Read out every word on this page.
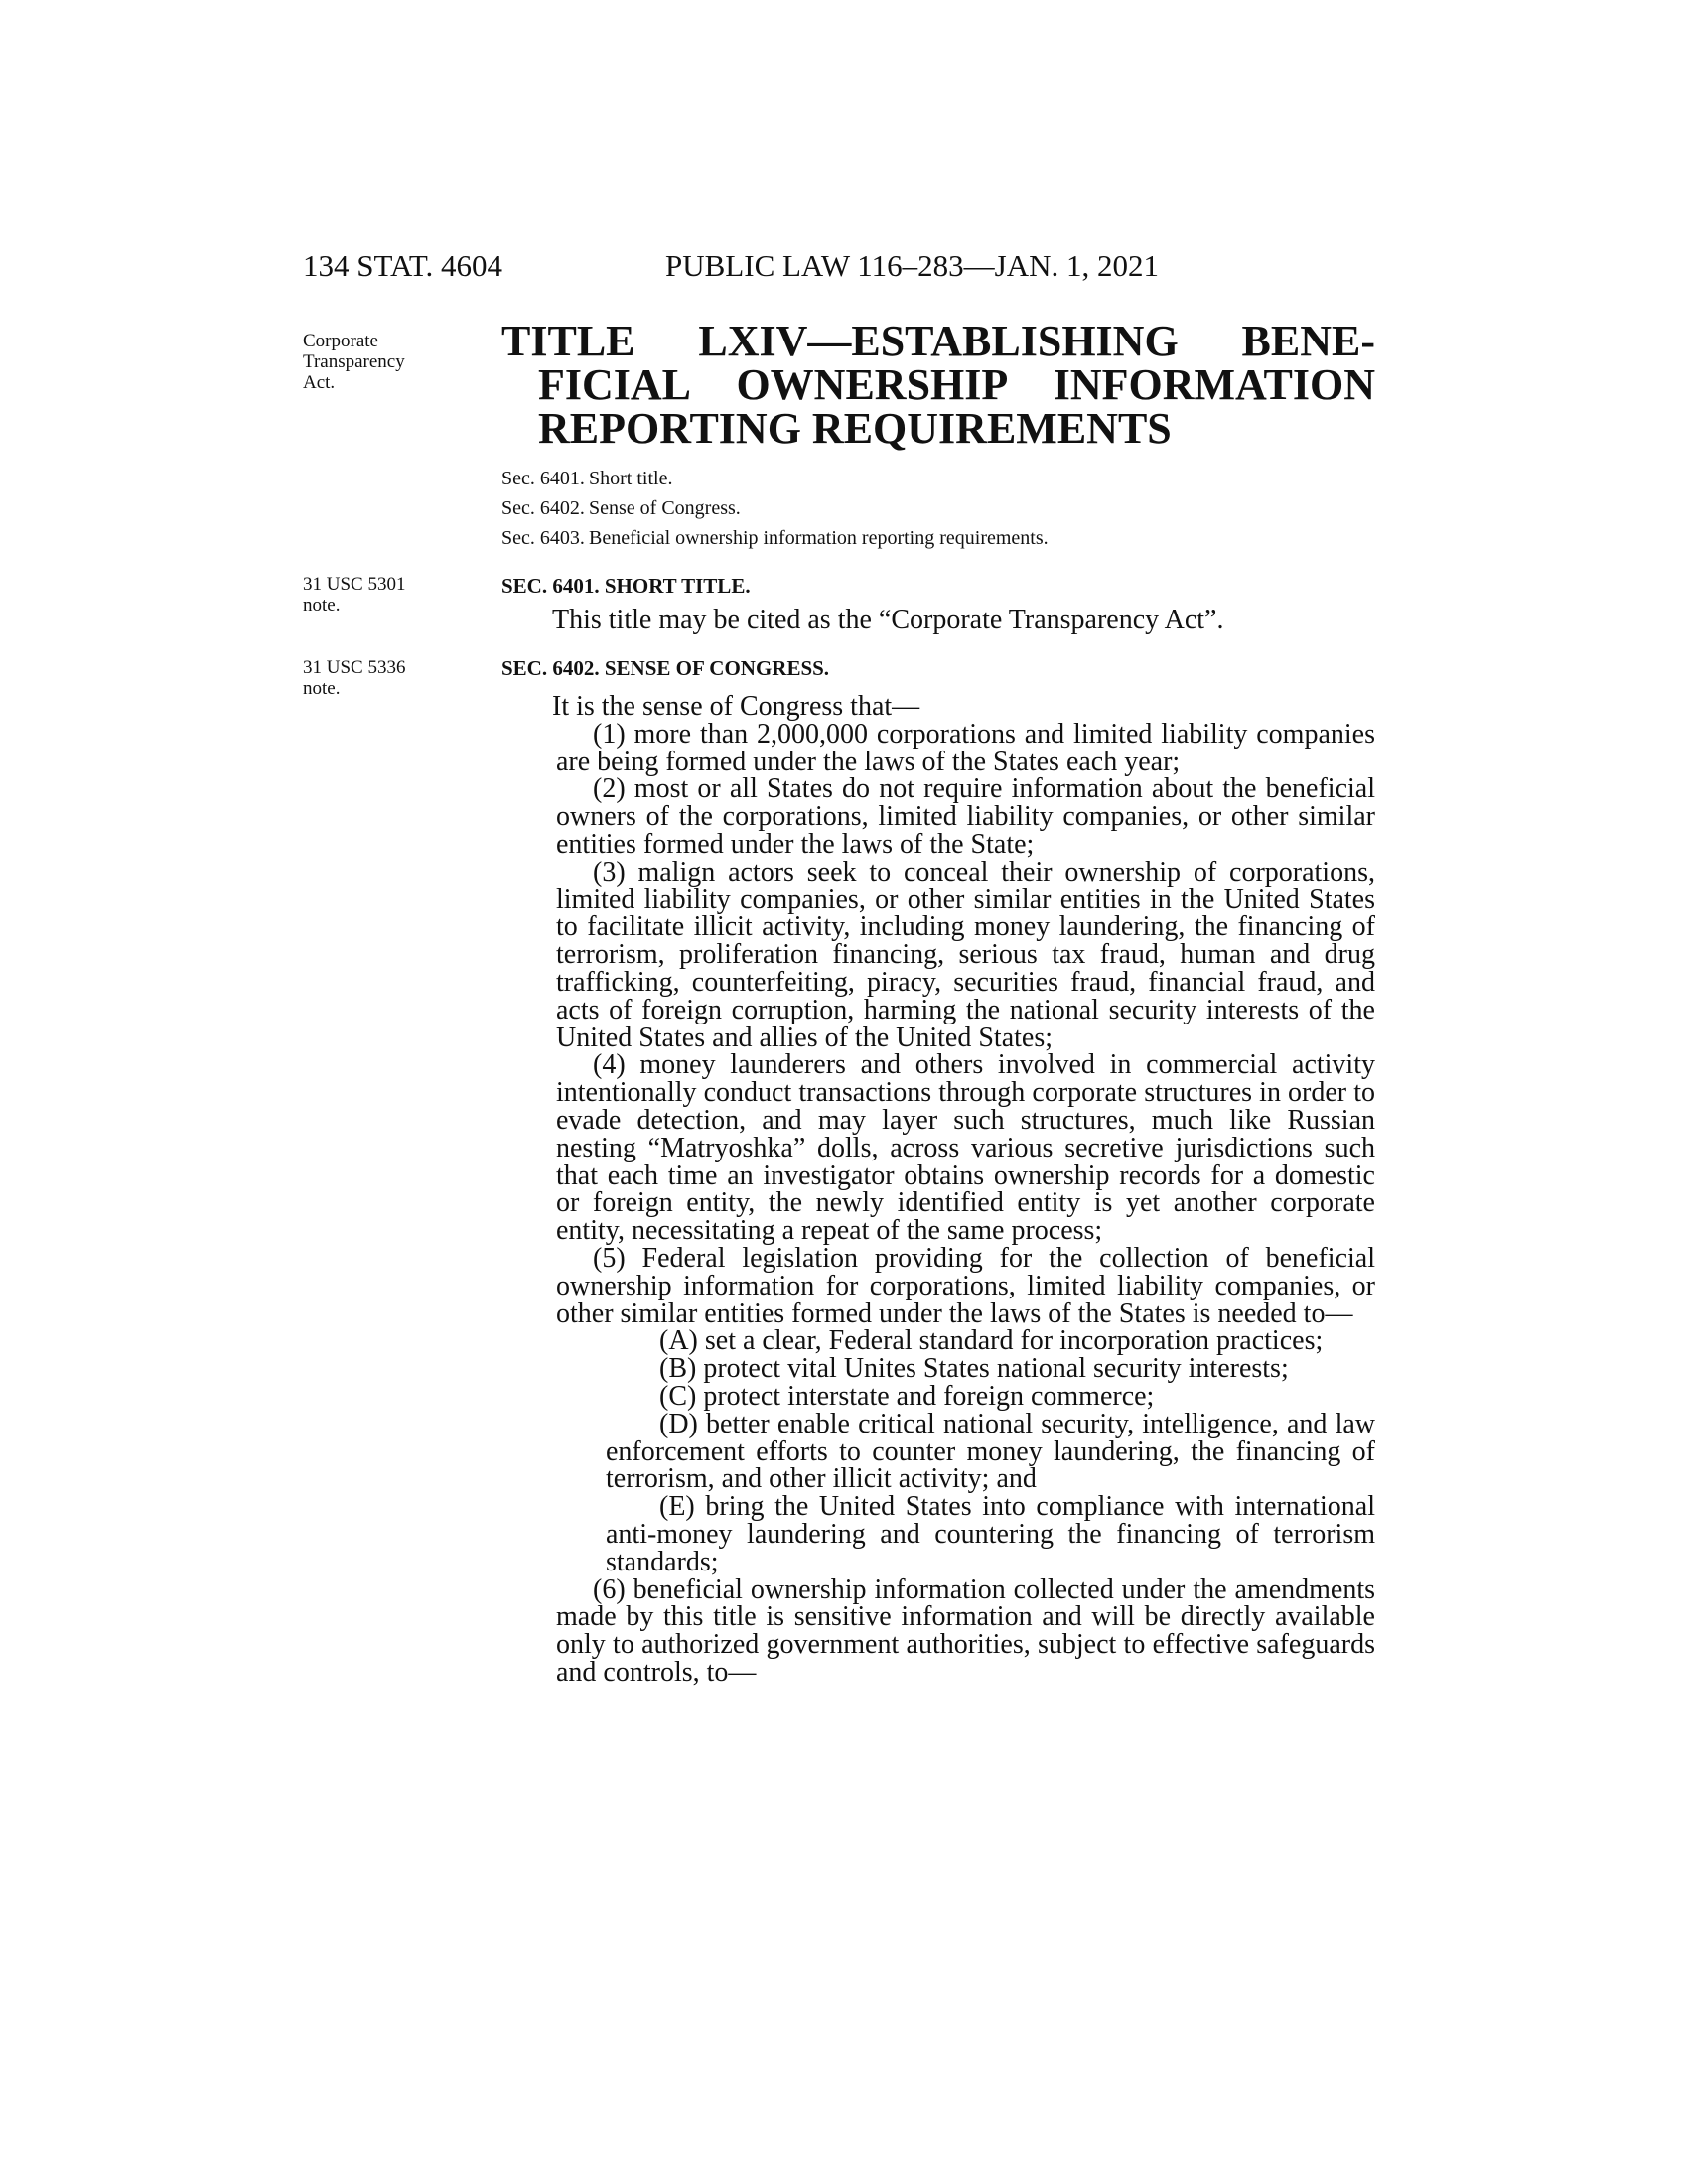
134 STAT. 4604	PUBLIC LAW 116–283—JAN. 1, 2021
Corporate
Transparency
Act.
31 USC 5301
note.
31 USC 5336
note.
TITLE LXIV—ESTABLISHING BENE-
FICIAL OWNERSHIP INFORMATION
REPORTING REQUIREMENTS
Sec. 6401. Short title.
Sec. 6402. Sense of Congress.
Sec. 6403. Beneficial ownership information reporting requirements.
SEC. 6401. SHORT TITLE.
This title may be cited as the “Corporate Transparency Act”.
SEC. 6402. SENSE OF CONGRESS.
It is the sense of Congress that—
(1) more than 2,000,000 corporations and limited liability companies are being formed under the laws of the States each year;
(2) most or all States do not require information about the beneficial owners of the corporations, limited liability companies, or other similar entities formed under the laws of the State;
(3) malign actors seek to conceal their ownership of corporations, limited liability companies, or other similar entities in the United States to facilitate illicit activity, including money laundering, the financing of terrorism, proliferation financing, serious tax fraud, human and drug trafficking, counterfeiting, piracy, securities fraud, financial fraud, and acts of foreign corruption, harming the national security interests of the United States and allies of the United States;
(4) money launderers and others involved in commercial activity intentionally conduct transactions through corporate structures in order to evade detection, and may layer such structures, much like Russian nesting “Matryoshka” dolls, across various secretive jurisdictions such that each time an investigator obtains ownership records for a domestic or foreign entity, the newly identified entity is yet another corporate entity, necessitating a repeat of the same process;
(5) Federal legislation providing for the collection of beneficial ownership information for corporations, limited liability companies, or other similar entities formed under the laws of the States is needed to—
(A) set a clear, Federal standard for incorporation practices;
(B) protect vital Unites States national security interests;
(C) protect interstate and foreign commerce;
(D) better enable critical national security, intelligence, and law enforcement efforts to counter money laundering, the financing of terrorism, and other illicit activity; and
(E) bring the United States into compliance with international anti-money laundering and countering the financing of terrorism standards;
(6) beneficial ownership information collected under the amendments made by this title is sensitive information and will be directly available only to authorized government authorities, subject to effective safeguards and controls, to—
